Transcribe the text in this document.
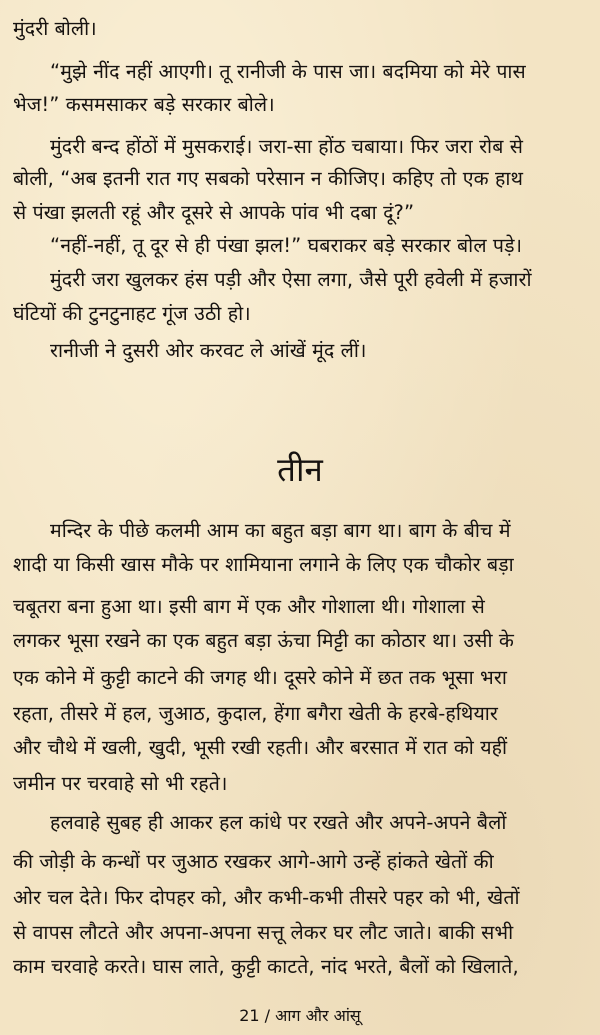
मुंदरी बोली।
“मुझे नींद नहीं आएगी। तू रानीजी के पास जा। बदमिया को मेरे पास
भेज!” कसमसाकर बड़े सरकार बोले।
मुंदरी बन्द होंठों में मुसकराई। जरा-सा होंठ चबाया। फिर जरा रोब से
बोली, “अब इतनी रात गए सबको परेसान न कीजिए। कहिए तो एक हाथ
से पंखा झलती रहूं और दूसरे से आपके पांव भी दबा दूं?”
“नहीं-नहीं, तू दूर से ही पंखा झल!” घबराकर बड़े सरकार बोल पड़े।
मुंदरी जरा खुलकर हंस पड़ी और ऐसा लगा, जैसे पूरी हवेली में हजारों
घंटियों की टुनटुनाहट गूंज उठी हो।
रानीजी ने दुसरी ओर करवट ले आंखें मूंद लीं।
तीन
मन्दिर के पीछे कलमी आम का बहुत बड़ा बाग था। बाग के बीच में
शादी या किसी खास मौके पर शामियाना लगाने के लिए एक चौकोर बड़ा
चबूतरा बना हुआ था। इसी बाग में एक और गोशाला थी। गोशाला से
लगकर भूसा रखने का एक बहुत बड़ा ऊंचा मिट्टी का कोठार था। उसी के
एक कोने में कुट्टी काटने की जगह थी। दूसरे कोने में छत तक भूसा भरा
रहता, तीसरे में हल, जुआठ, कुदाल, हेंगा बगैरा खेती के हरबे-हथियार
और चौथे में खली, खुदी, भूसी रखी रहती। और बरसात में रात को यहीं
जमीन पर चरवाहे सो भी रहते।
हलवाहे सुबह ही आकर हल कांधे पर रखते और अपने-अपने बैलों
की जोड़ी के कन्धों पर जुआठ रखकर आगे-आगे उन्हें हांकते खेतों की
ओर चल देते। फिर दोपहर को, और कभी-कभी तीसरे पहर को भी, खेतों
से वापस लौटते और अपना-अपना सत्तू लेकर घर लौट जाते। बाकी सभी
काम चरवाहे करते। घास लाते, कुट्टी काटते, नांद भरते, बैलों को खिलाते,
21 / आग और आंसू
